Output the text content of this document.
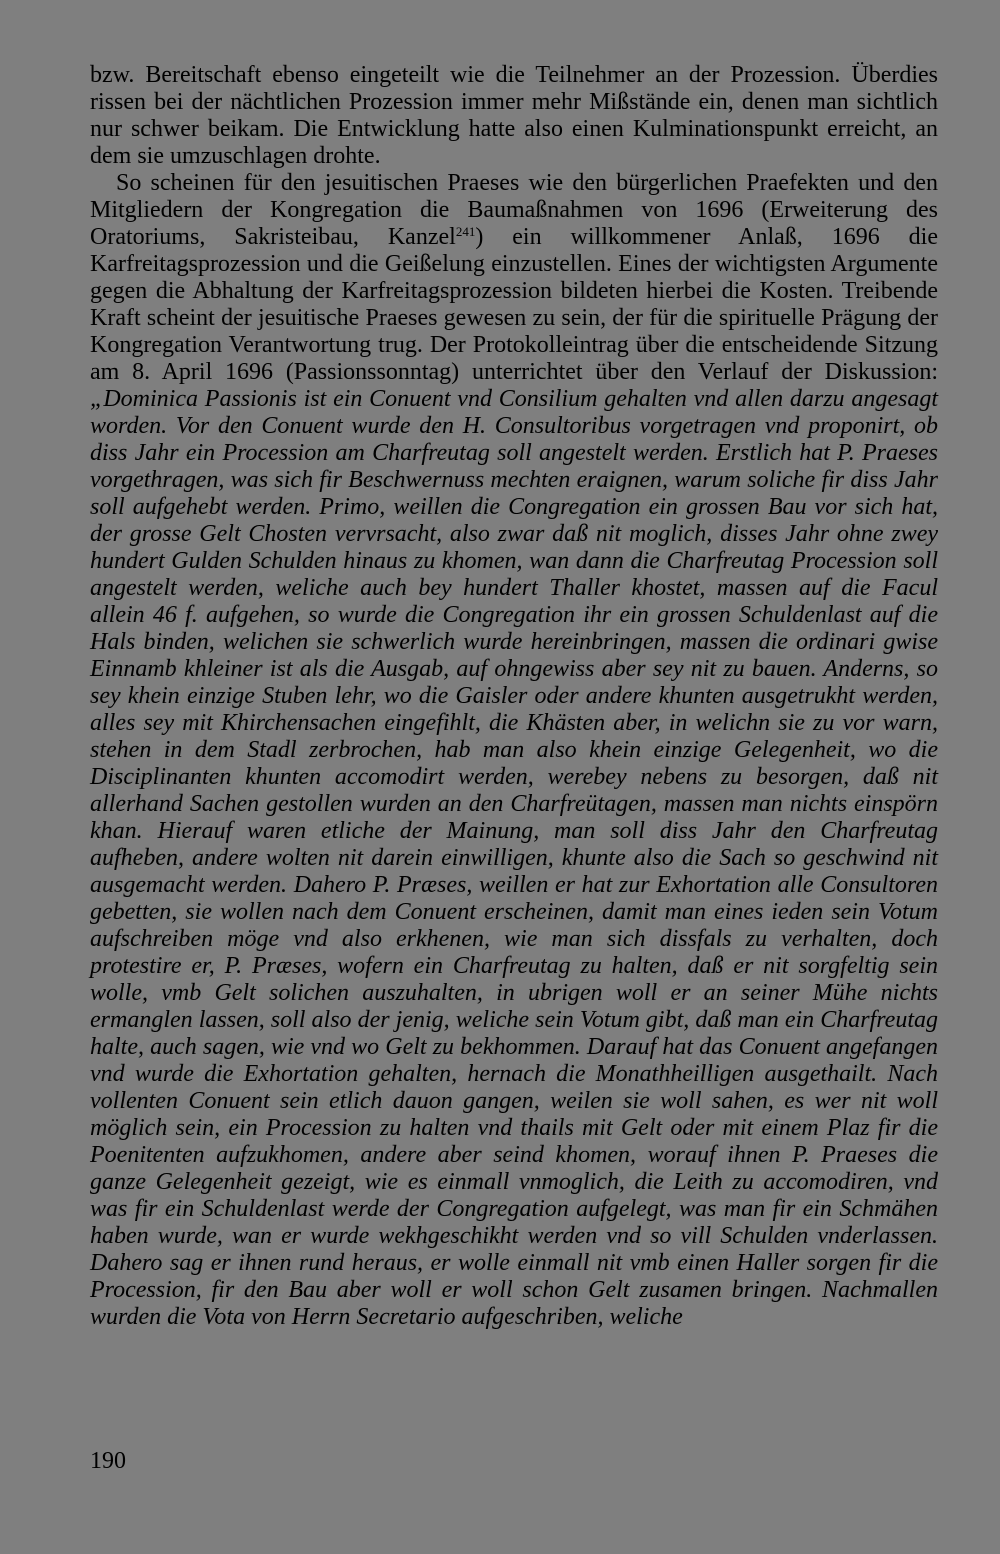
bzw. Bereitschaft ebenso eingeteilt wie die Teilnehmer an der Prozession. Überdies rissen bei der nächtlichen Prozession immer mehr Mißstände ein, denen man sichtlich nur schwer beikam. Die Entwicklung hatte also einen Kulminationspunkt erreicht, an dem sie umzuschlagen drohte.

So scheinen für den jesuitischen Praeses wie den bürgerlichen Praefekten und den Mitgliedern der Kongregation die Baumaßnahmen von 1696 (Erweiterung des Oratoriums, Sakristeibau, Kanzel$^{241}$) ein willkommener Anlaß, 1696 die Karfreitagsprozession und die Geißelung einzustellen. Eines der wichtigsten Argumente gegen die Abhaltung der Karfreitagsprozession bildeten hierbei die Kosten. Treibende Kraft scheint der jesuitische Praeses gewesen zu sein, der für die spirituelle Prägung der Kongregation Verantwortung trug. Der Protokolleintrag über die entscheidende Sitzung am 8. April 1696 (Passionssonntag) unterrichtet über den Verlauf der Diskussion: „Dominica Passionis ist ein Conuent vnd Consilium gehalten vnd allen darzu angesagt worden. Vor den Conuent wurde den H. Consultoribus vorgetragen vnd proponirt, ob diss Jahr ein Procession am Charfreutag soll angestelt werden. Erstlich hat P. Praeses vorgethragen, was sich fir Beschwernuss mechten eraignen, warum soliche fir diss Jahr soll aufgehebt werden. Primo, weillen die Congregation ein grossen Bau vor sich hat, der grosse Gelt Chosten vervrsacht, also zwar daß nit moglich, disses Jahr ohne zwey hundert Gulden Schulden hinaus zu khomen, wan dann die Charfreutag Procession soll angestelt werden, weliche auch bey hundert Thaller khostet, massen auf die Facul allein 46 f. aufgehen, so wurde die Congregation ihr ein grossen Schuldenlast auf die Hals binden, welichen sie schwerlich wurde hereinbringen, massen die ordinari gwise Einnamb khleiner ist als die Ausgab, auf ohngewiss aber sey nit zu bauen. Anderns, so sey khein einzige Stuben lehr, wo die Gaisler oder andere khunten ausgetrukht werden, alles sey mit Khirchensachen eingefihlt, die Khästen aber, in welichn sie zu vor warn, stehen in dem Stadl zerbrochen, hab man also khein einzige Gelegenheit, wo die Disciplinanten khunten accomodirt werden, werebey nebens zu besorgen, daß nit allerhand Sachen gestollen wurden an den Charfreütagen, massen man nichts einspörn khan. Hierauf waren etliche der Mainung, man soll diss Jahr den Charfreutag aufheben, andere wolten nit darein einwilligen, khunte also die Sach so geschwind nit ausgemacht werden. Dahero P. Præses, weillen er hat zur Exhortation alle Consultoren gebetten, sie wollen nach dem Conuent erscheinen, damit man eines ieden sein Votum aufschreiben möge vnd also erkhenen, wie man sich dissfals zu verhalten, doch protestire er, P. Præses, wofern ein Charfreutag zu halten, daß er nit sorgfeltig sein wolle, vmb Gelt solichen auszuhalten, in ubrigen woll er an seiner Mühe nichts ermanglen lassen, soll also der jenig, weliche sein Votum gibt, daß man ein Charfreutag halte, auch sagen, wie vnd wo Gelt zu bekhommen. Darauf hat das Conuent angefangen vnd wurde die Exhortation gehalten, hernach die Monathheilligen ausgethailt. Nach vollenten Conuent sein etlich dauon gangen, weilen sie woll sahen, es wer nit woll möglich sein, ein Procession zu halten vnd thails mit Gelt oder mit einem Plaz fir die Poenitenten aufzukhomen, andere aber seind khomen, worauf ihnen P. Praeses die ganze Gelegenheit gezeigt, wie es einmall vnmoglich, die Leith zu accomodiren, vnd was fir ein Schuldenlast werde der Congregation aufgelegt, was man fir ein Schmähen haben wurde, wan er wurde wekhgeschikht werden vnd so vill Schulden vnderlassen. Dahero sag er ihnen rund heraus, er wolle einmall nit vmb einen Haller sorgen fir die Procession, fir den Bau aber woll er woll schon Gelt zusamen bringen. Nachmallen wurden die Vota von Herrn Secretario aufgeschriben, weliche

190
